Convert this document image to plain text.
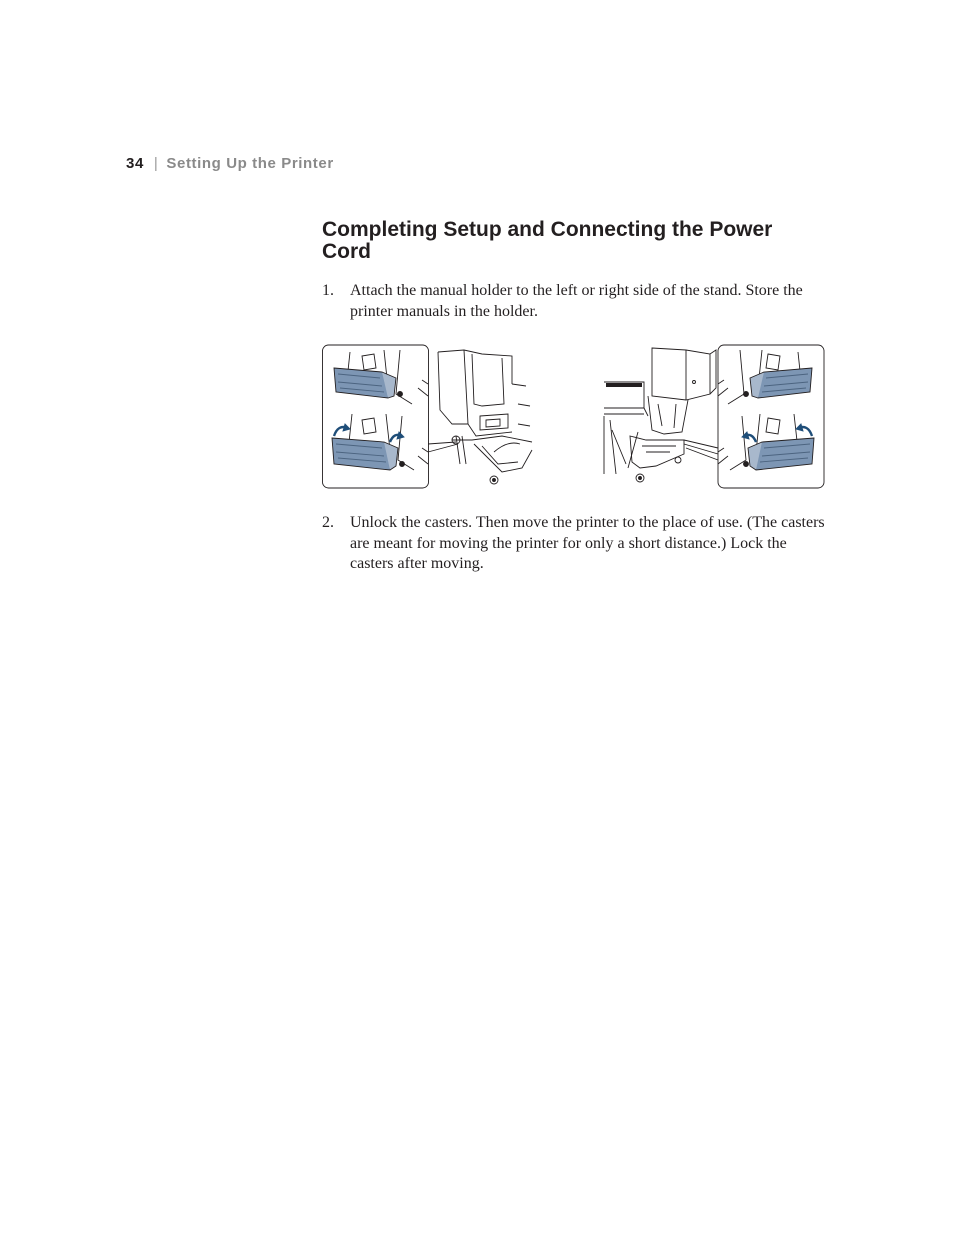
34 | Setting Up the Printer
Completing Setup and Connecting the Power Cord
1. Attach the manual holder to the left or right side of the stand. Store the printer manuals in the holder.
2. Unlock the casters. Then move the printer to the place of use. (The casters are meant for moving the printer for only a short distance.) Lock the casters after moving.
